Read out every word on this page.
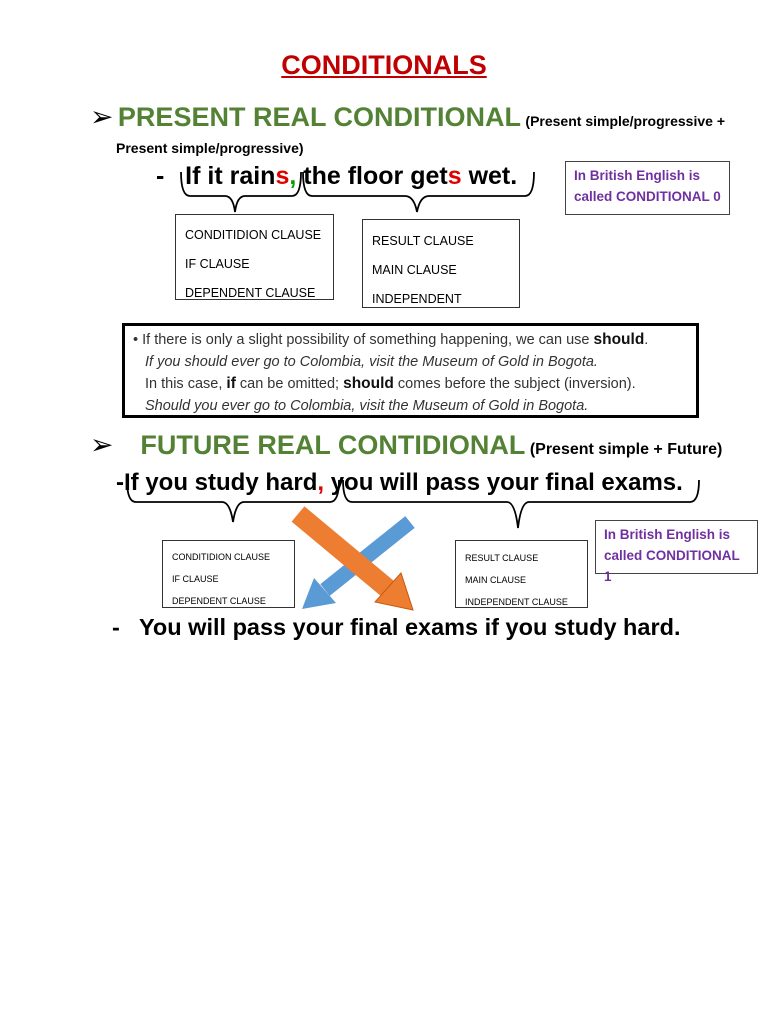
CONDITIONALS
➢ PRESENT REAL CONDITIONAL (Present simple/progressive +
Present simple/progressive)
- If it rains, the floor gets wet.

CONDITIDION CLAUSE

IF CLAUSE

DEPENDENT CLAUSE

RESULT CLAUSE

MAIN CLAUSE

INDEPENDENT

In British English is
called CONDITIONAL 0
• If there is only a slight possibility of something happening, we can use should.
If you should ever go to Colombia, visit the Museum of Gold in Bogota.
In this case, if can be omitted; should comes before the subject (inversion).
Should you ever go to Colombia, visit the Museum of Gold in Bogota.
➢ FUTURE REAL CONTIDIONAL (Present simple + Future)
-If you study hard, you will pass your final exams.

CONDITIDION CLAUSE

IF CLAUSE

DEPENDENT CLAUSE

RESULT CLAUSE

MAIN CLAUSE

INDEPENDENT CLAUSE

In British English is
called CONDITIONAL 1
- You will pass your final exams if you study hard.
